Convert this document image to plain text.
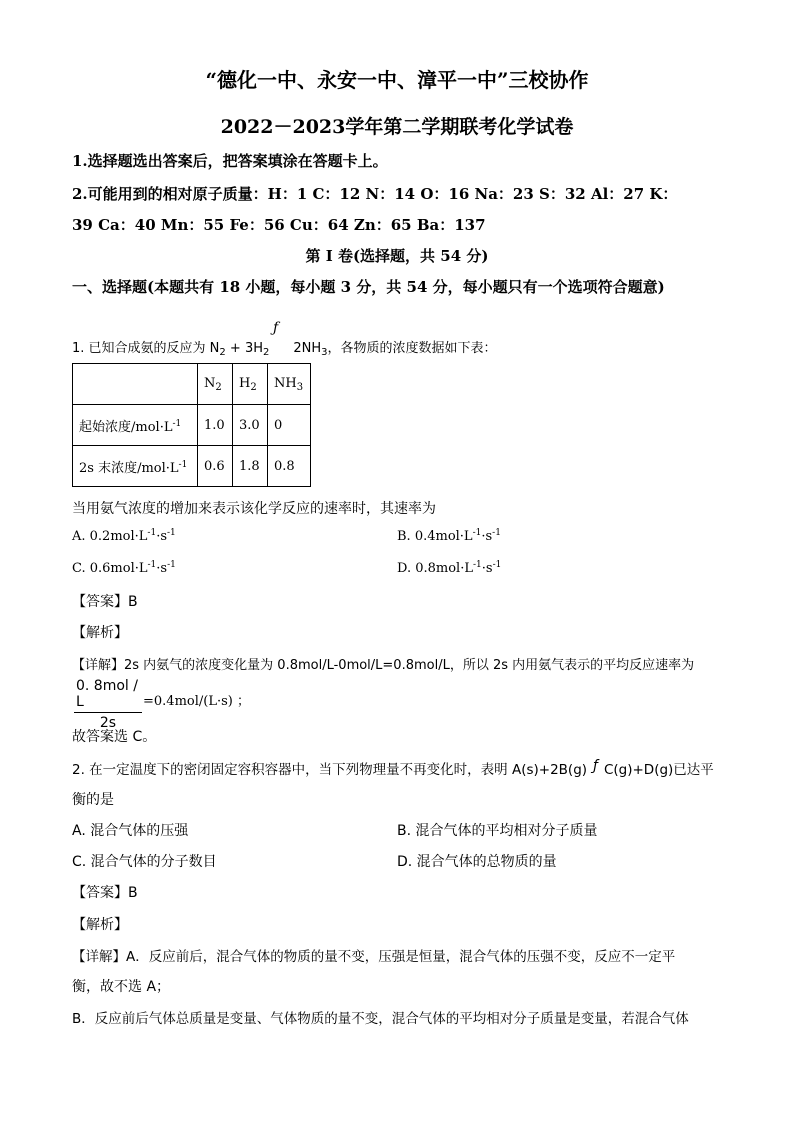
“德化一中、永安一中、漳平一中”三校协作
2022－2023学年第二学期联考化学试卷
1.选择题选出答案后，把答案填涂在答题卡上。
2.可能用到的相对原子质量：H：1 C：12 N：14 O：16 Na：23 S：32 Al：27 K：
39 Ca：40 Mn：55 Fe：56 Cu：64 Zn：65 Ba：137
第 I 卷(选择题，共 54 分)
一、选择题(本题共有 18 小题，每小题 3 分，共 54 分，每小题只有一个选项符合题意)
ƒ
1. 已知合成氨的反应为 $N_2 + 3H_2$ $2NH_3$，各物质的浓度数据如下表：
	$N_2$	$H_2$	$NH_3$
起始浓度$/mol\cdot L^{-1}$	1.0	3.0	0
2s 末浓度$/mol\cdot L^{-1}$	0.6	1.8	0.8
当用氨气浓度的增加来表示该化学反应的速率时，其速率为
A. $0.2mol\cdot L^{-1}\cdot s^{-1}$	B. $0.4mol\cdot L^{-1}\cdot s^{-1}$
C. $0.6mol\cdot L^{-1}\cdot s^{-1}$	D. $0.8mol\cdot L^{-1}\cdot s^{-1}$
【答案】B
【解析】
【详解】2s 内氨气的浓度变化量为 0.8mol/L-0mol/L=0.8mol/L，所以 2s 内用氨气表示的平均反应速率为
0. 8mol / L
2s
=0.4mol/(L·s) ；
故答案选 C。
2. 在一定温度下的密闭固定容积容器中，当下列物理量不再变化时，表明 A(s)+2B(g) ƒ C(g)+D(g)已达平
衡的是
A. 混合气体的压强	B. 混合气体的平均相对分子质量
C. 混合气体的分子数目	D. 混合气体的总物质的量
【答案】B
【解析】
【详解】A．反应前后，混合气体的物质的量不变，压强是恒量，混合气体的压强不变，反应不一定平
衡，故不选 A；
B．反应前后气体总质量是变量、气体物质的量不变，混合气体的平均相对分子质量是变量，若混合气体
